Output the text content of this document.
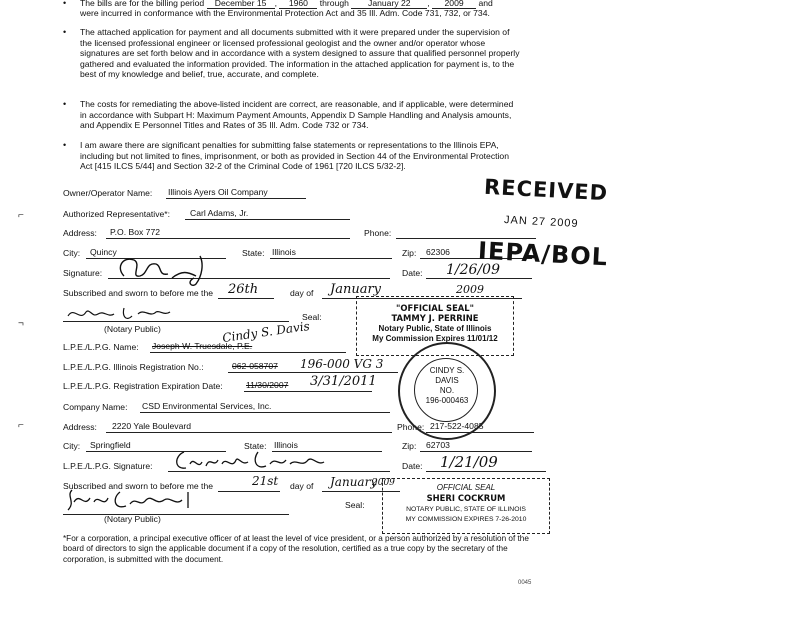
• The bills are for the billing period December 15 , 1960 through January 22 , 2009 and
were incurred in conformance with the Environmental Protection Act and 35 Ill. Adm. Code 731, 732, or 734.
• The attached application for payment and all documents submitted with it were prepared under the supervision of the licensed professional engineer or licensed professional geologist and the owner and/or operator whose signatures are set forth below and in accordance with a system designed to assure that qualified personnel properly gathered and evaluated the information provided. The information in the attached application for payment is, to the best of my knowledge and belief, true, accurate, and complete.
• The costs for remediating the above-listed incident are correct, are reasonable, and if applicable, were determined in accordance with Subpart H: Maximum Payment Amounts, Appendix D Sample Handling and Analysis amounts, and Appendix E Personnel Titles and Rates of 35 Ill. Adm. Code 732 or 734.
• I am aware there are significant penalties for submitting false statements or representations to the Illinois EPA, including but not limited to fines, imprisonment, or both as provided in Section 44 of the Environmental Protection Act [415 ILCS 5/44] and Section 32-2 of the Criminal Code of 1961 [720 ILCS 5/32-2].
⌐
¬
⌐
Owner/Operator Name: Illinois Ayers Oil Company
Authorized Representative*: Carl Adams, Jr.
Address: P.O. Box 772	Phone:
City: Quincy	State: Illinois	Zip: 62306
Signature:	Date: 1/26/09
Subscribed and sworn to before me the 26th	day of January	2009
Seal:
(Notary Public)
"OFFICIAL SEAL"
TAMMY J. PERRINE
Notary Public, State of Illinois
My Commission Expires 11/01/12
RECEIVED
JAN 27 2009
IEPA/BOL
L.P.E./L.P.G. Name: Joseph W. Truesdale, P.E.
Cindy S. Davis
L.P.E./L.P.G. Illinois Registration No.:	062-058707 196-000 VG 3
L.P.E./L.P.G. Registration Expiration Date:	11/30/2007 3/31/2011
Company Name: CSD Environmental Services, Inc.
Address: 2220 Yale Boulevard	Phone: 217-522-4085
City: Springfield	State: Illinois	Zip: 62703
L.P.E./L.P.G. Signature:	Date: 1/21/09
Subscribed and sworn to before me the	21st day of January
2009
Seal:
(Notary Public)
CINDY S.
DAVIS
NO.
196-000463
OFFICIAL SEAL
SHERI COCKRUM
NOTARY PUBLIC, STATE OF ILLINOIS
MY COMMISSION EXPIRES 7-26-2010
*For a corporation, a principal executive officer of at least the level of vice president, or a person authorized by a resolution of the board of directors to sign the applicable document if a copy of the resolution, certified as a true copy by the secretary of the corporation, is submitted with the document.
0045
